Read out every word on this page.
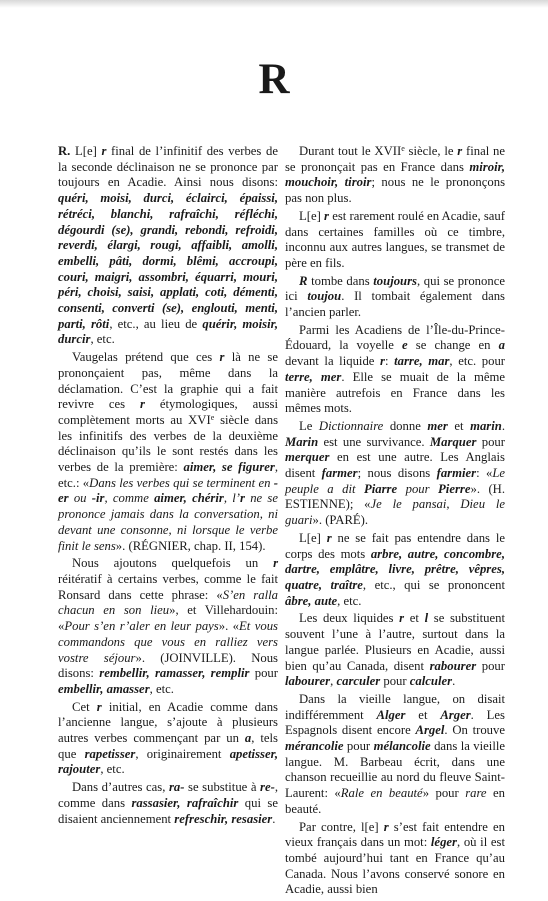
R

R. L[e] r final de l’infinitif des verbes de la seconde déclinaison ne se prononce par toujours en Acadie. Ainsi nous disons: quéri, moisi, durci, éclairci, épaissi, rétréci, blanchi, rafraîchi, réfléchi, dégourdi (se), grandi, rebondi, refroidi, reverdi, élargi, rougi, affaibli, amolli, embelli, pâti, dormi, blêmi, accroupi, couri, maigri, assombri, équarri, mouri, péri, choisi, saisi, applati, coti, démenti, consenti, converti (se), englouti, menti, parti, rôti, etc., au lieu de quérir, moisir, durcir, etc.

Vaugelas prétend que ces r là ne se prononçaient pas, même dans la déclamation. C’est la graphie qui a fait revivre ces r étymologiques, aussi complètement morts au XVIe siècle dans les infinitifs des verbes de la deuxième déclinaison qu’ils le sont restés dans les verbes de la première: aimer, se figurer, etc.: «Dans les verbes qui se terminent en -er ou -ir, comme aimer, chérir, l’r ne se prononce jamais dans la conversation, ni devant une consonne, ni lorsque le verbe finit le sens». (RÉGNIER, chap. II, 154).

Nous ajoutons quelquefois un r réitératif à certains verbes, comme le fait Ronsard dans cette phrase: «S’en ralla chacun en son lieu», et Villehardouin: «Pour s’en r’aler en leur pays». «Et vous commandons que vous en ralliez vers vostre séjour». (JOINVILLE). Nous disons: rembellir, ramasser, remplir pour embellir, amasser, etc.

Cet r initial, en Acadie comme dans l’ancienne langue, s’ajoute à plusieurs autres verbes commençant par un a, tels que rapetisser, originairement apetisser, rajouter, etc.

Dans d’autres cas, ra- se substitue à re-, comme dans rassasier, rafraîchir qui se disaient anciennement refreschir, resasier.

Durant tout le XVIIe siècle, le r final ne se prononçait pas en France dans miroir, mouchoir, tiroir; nous ne le prononçons pas non plus.

L[e] r est rarement roulé en Acadie, sauf dans certaines familles où ce timbre, inconnu aux autres langues, se transmet de père en fils.

R tombe dans toujours, qui se prononce ici toujou. Il tombait également dans l’ancien parler.

Parmi les Acadiens de l’Île-du-Prince-Édouard, la voyelle e se change en a devant la liquide r: tarre, mar, etc. pour terre, mer. Elle se muait de la même manière autrefois en France dans les mêmes mots.

Le Dictionnaire donne mer et marin. Marin est une survivance. Marquer pour merquer en est une autre. Les Anglais disent farmer; nous disons farmier: «Le peuple a dit Piarre pour Pierre». (H. ESTIENNE); «Je le pansai, Dieu le guari». (PARÉ).

L[e] r ne se fait pas entendre dans le corps des mots arbre, autre, concombre, dartre, emplâtre, livre, prêtre, vêpres, quatre, traître, etc., qui se prononcent âbre, aute, etc.

Les deux liquides r et l se substituent souvent l’une à l’autre, surtout dans la langue parlée. Plusieurs en Acadie, aussi bien qu’au Canada, disent rabourer pour labourer, carculer pour calculer.

Dans la vieille langue, on disait indifféremment Alger et Arger. Les Espagnols disent encore Argel. On trouve mérancolie pour mélancolie dans la vieille langue. M. Barbeau écrit, dans une chanson recueillie au nord du fleuve Saint-Laurent: «Rale en beauté» pour rare en beauté.

Par contre, l[e] r s’est fait entendre en vieux français dans un mot: léger, où il est tombé aujourd’hui tant en France qu’au Canada. Nous l’avons conservé sonore en Acadie, aussi bien
